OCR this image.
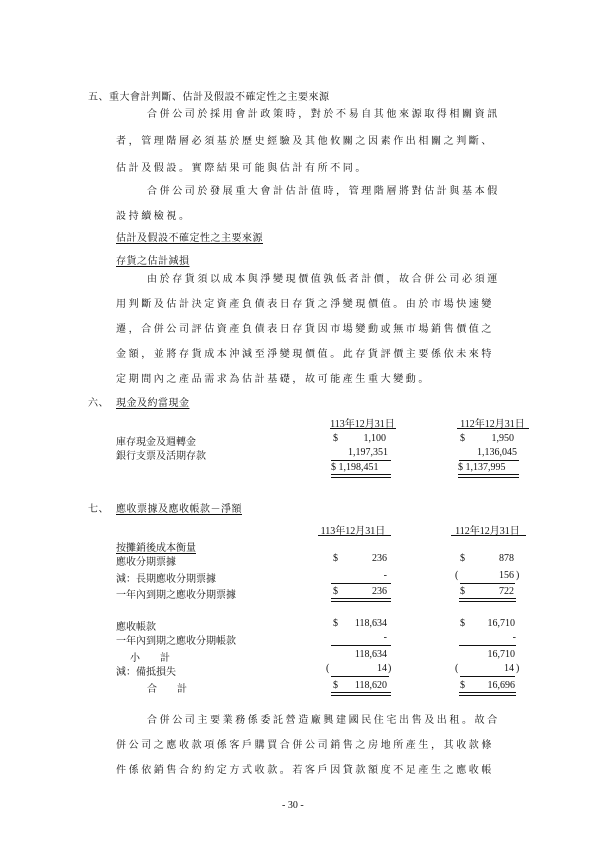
五、重大會計判斷、估計及假設不確定性之主要來源
合併公司於採用會計政策時，對於不易自其他來源取得相關資訊
者，管理階層必須基於歷史經驗及其他攸關之因素作出相關之判斷、
估計及假設。實際結果可能與估計有所不同。
合併公司於發展重大會計估計值時，管理階層將對估計與基本假
設持續檢視。
估計及假設不確定性之主要來源
存貨之估計減損
由於存貨須以成本與淨變現價值孰低者計價，故合併公司必須運
用判斷及估計決定資產負債表日存貨之淨變現價值。由於市場快速變
遷，合併公司評估資產負債表日存貨因市場變動或無市場銷售價值之
金額，並將存貨成本沖減至淨變現價值。此存貨評價主要係依未來特
定期間內之產品需求為估計基礎，故可能產生重大變動。
六、 現金及約當現金
113年12月31日	112年12月31日
庫存現金及週轉金	$	1,100	$	1,950
銀行支票及活期存款	1,197,351	1,136,045
$ 1,198,451	$ 1,137,995
七、 應收票據及應收帳款－淨額
113年12月31日	112年12月31日
按攤銷後成本衡量
應收分期票據	$	236	$	878
減：長期應收分期票據	-	(	156 )
一年內到期之應收分期票據	$	236	$	722
應收帳款	$	118,634	$	16,710
一年內到期之應收分期帳款	-	-
小　　計	118,634	16,710
減：備抵損失	(	14 )	(	14 )
合　　計	$	118,620	$	16,696
合併公司主要業務係委託營造廠興建國民住宅出售及出租。故合
併公司之應收款項係客戶購買合併公司銷售之房地所產生，其收款條
件係依銷售合約約定方式收款。若客戶因貸款額度不足產生之應收帳
- 30 -
